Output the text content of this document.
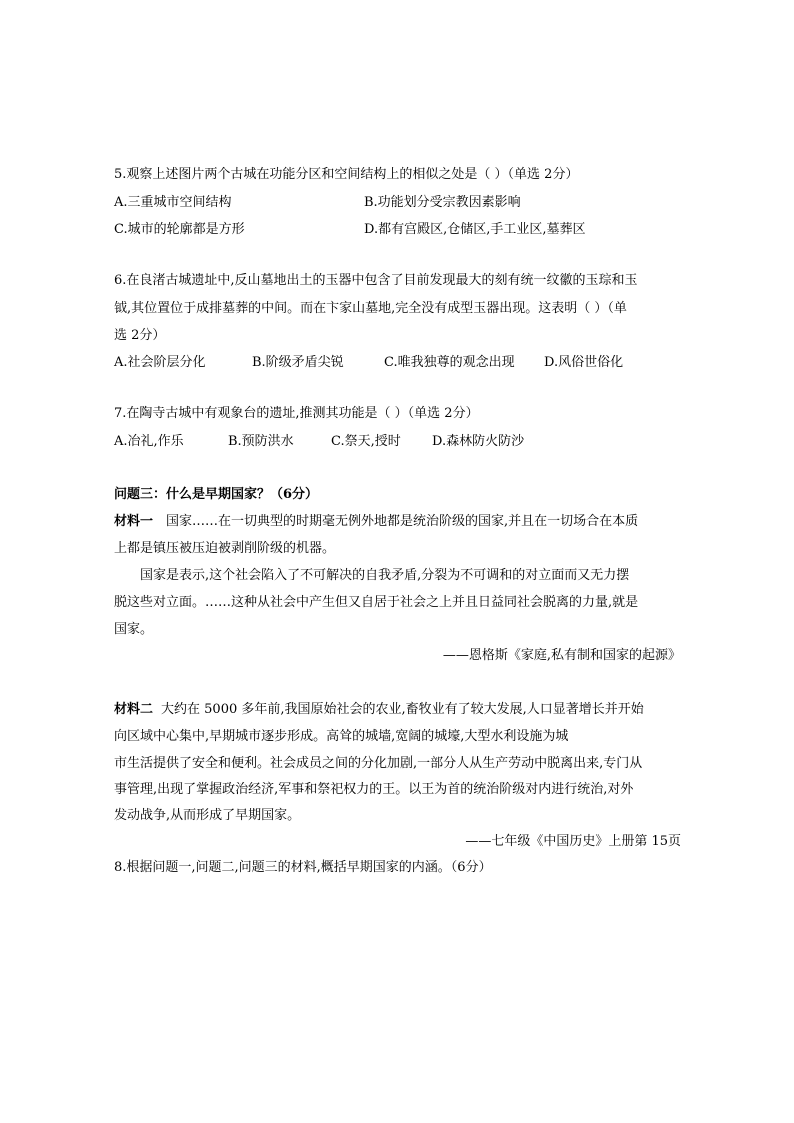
5.观察上述图片两个古城在功能分区和空间结构上的相似之处是（ ）（单选 2分）
A.三重城市空间结构	B.功能划分受宗教因素影响
C.城市的轮廓都是方形	D.都有宫殿区,仓储区,手工业区,墓葬区
6.在良渚古城遗址中,反山墓地出土的玉器中包含了目前发现最大的刻有统一纹徽的玉琮和玉
钺,其位置位于成排墓葬的中间。而在卞家山墓地,完全没有成型玉器出现。这表明（ ）（单
选 2分）
A.社会阶层分化	B.阶级矛盾尖锐	C.唯我独尊的观念出现 D.风俗世俗化
7.在陶寺古城中有观象台的遗址,推测其功能是（ ）（单选 2分）
A.冶礼,作乐	B.预防洪水	C.祭天,授时 D.森林防火防沙
问题三：什么是早期国家？（6分）
材料一 国家……在一切典型的时期毫无例外地都是统治阶级的国家,并且在一切场合在本质
上都是镇压被压迫被剥削阶级的机器。
国家是表示,这个社会陷入了不可解决的自我矛盾,分裂为不可调和的对立面而又无力摆
脱这些对立面。……这种从社会中产生但又自居于社会之上并且日益同社会脱离的力量,就是
国家。
——恩格斯《家庭,私有制和国家的起源》
材料二 大约在 5000 多年前,我国原始社会的农业,畜牧业有了较大发展,人口显著增长并开始
向区域中心集中,早期城市逐步形成。高耸的城墙,宽阔的城壕,大型水利设施为城
市生活提供了安全和便利。社会成员之间的分化加剧,一部分人从生产劳动中脱离出来,专门从
事管理,出现了掌握政治经济,军事和祭祀权力的王。以王为首的统治阶级对内进行统治,对外
发动战争,从而形成了早期国家。
——七年级《中国历史》上册第 15页
8.根据问题一,问题二,问题三的材料,概括早期国家的内涵。（6分）
